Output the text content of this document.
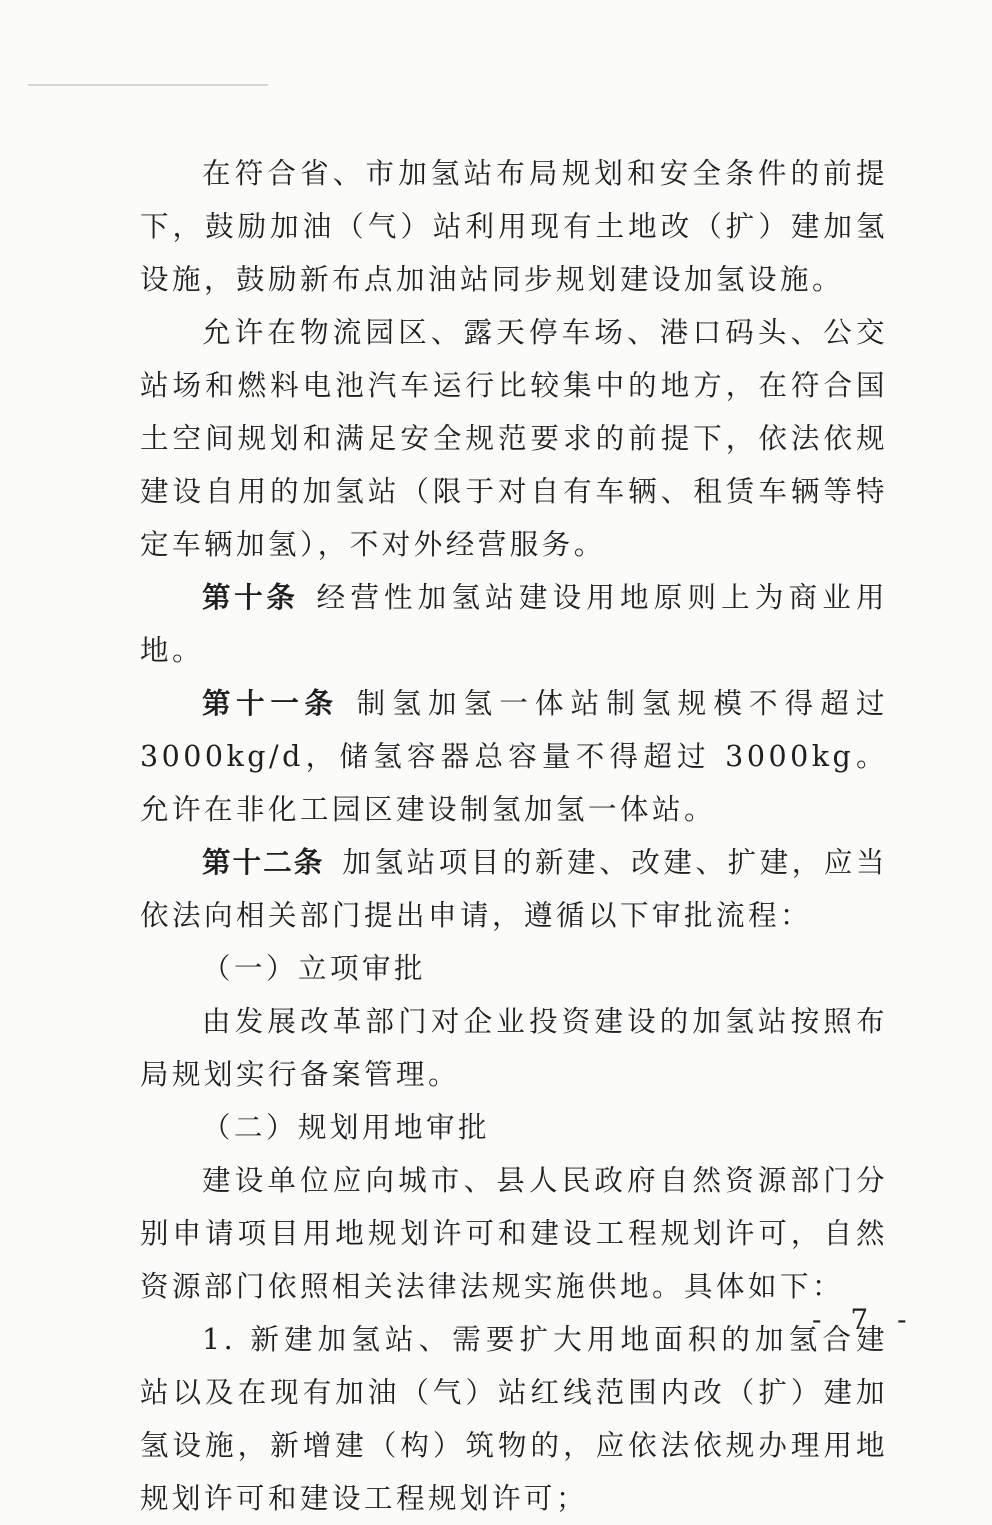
在符合省、市加氢站布局规划和安全条件的前提下，鼓励加油（气）站利用现有土地改（扩）建加氢设施，鼓励新布点加油站同步规划建设加氢设施。

允许在物流园区、露天停车场、港口码头、公交站场和燃料电池汽车运行比较集中的地方，在符合国土空间规划和满足安全规范要求的前提下，依法依规建设自用的加氢站（限于对自有车辆、租赁车辆等特定车辆加氢），不对外经营服务。

第十条 经营性加氢站建设用地原则上为商业用地。

第十一条 制氢加氢一体站制氢规模不得超过 3000kg/d，储氢容器总容量不得超过 3000kg。允许在非化工园区建设制氢加氢一体站。

第十二条 加氢站项目的新建、改建、扩建，应当依法向相关部门提出申请，遵循以下审批流程：

（一）立项审批

由发展改革部门对企业投资建设的加氢站按照布局规划实行备案管理。

（二）规划用地审批

建设单位应向城市、县人民政府自然资源部门分别申请项目用地规划许可和建设工程规划许可，自然资源部门依照相关法律法规实施供地。具体如下：

1. 新建加氢站、需要扩大用地面积的加氢合建站以及在现有加油（气）站红线范围内改（扩）建加氢设施，新增建（构）筑物的，应依法依规办理用地规划许可和建设工程规划许可；

- 7 -
